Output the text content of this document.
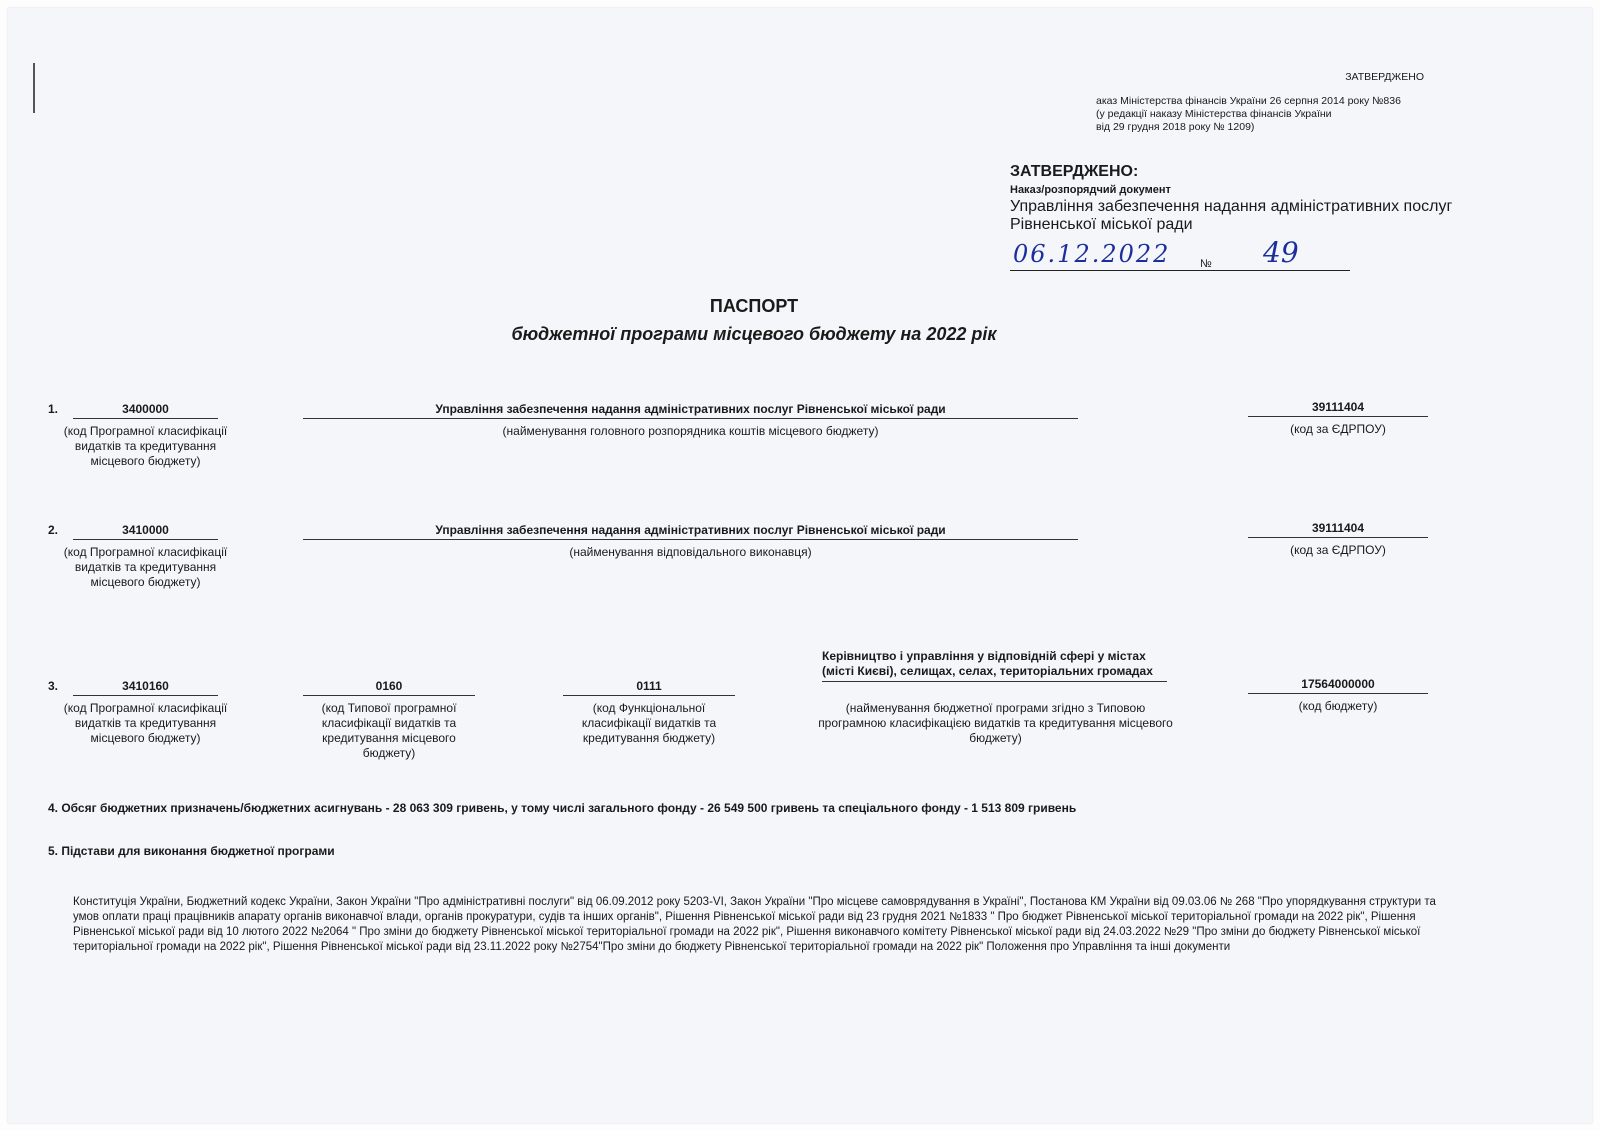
ЗАТВЕРДЖЕНО
аказ Міністерства фінансів України 26 серпня 2014 року №836
(у редакції наказу Міністерства фінансів України
від 29 грудня 2018 року № 1209)
ЗАТВЕРДЖЕНО:
Наказ/розпорядчий документ
Управління забезпечення надання адміністративних послуг Рівненської міської ради
06.12.2022	№ 49
ПАСПОРТ
бюджетної програми місцевого бюджету на 2022 рік
1.	3400000
(код Програмної класифікації видатків та кредитування місцевого бюджету)
Управління забезпечення надання адміністративних послуг Рівненської міської ради
(найменування головного розпорядника коштів місцевого бюджету)
39111404
(код за ЄДРПОУ)
2.	3410000
(код Програмної класифікації видатків та кредитування місцевого бюджету)
Управління забезпечення надання адміністративних послуг Рівненської міської ради
(найменування відповідального виконавця)
39111404
(код за ЄДРПОУ)
3.	3410160
(код Програмної класифікації видатків та кредитування місцевого бюджету)
0160
(код Типової програмної класифікації видатків та кредитування місцевого бюджету)
0111
(код Функціональної класифікації видатків та кредитування бюджету)
Керівництво і управління у відповідній сфері у містах (місті Києві), селищах, селах, територіальних громадах
(найменування бюджетної програми згідно з Типовою програмною класифікацією видатків та кредитування місцевого бюджету)
17564000000
(код бюджету)
4. Обсяг бюджетних призначень/бюджетних асигнувань - 28 063 309 гривень, у тому числі загального фонду - 26 549 500 гривень та спеціального фонду - 1 513 809 гривень
5. Підстави для виконання бюджетної програми
Конституція України, Бюджетний кодекс України, Закон України "Про адміністративні послуги" від 06.09.2012 року 5203-VI, Закон України "Про місцеве самоврядування в Україні", Постанова КМ України від 09.03.06 № 268 "Про упорядкування структури та умов оплати праці працівників апарату органів виконавчої влади, органів прокуратури, судів та інших органів", Рішення Рівненської міської ради від 23 грудня 2021 №1833 " Про бюджет Рівненської міської територіальної громади на 2022 рік", Рішення Рівненської міської ради від 10 лютого 2022 №2064 " Про зміни до бюджету Рівненської міської територіальної громади на 2022 рік", Рішення виконавчого комітету Рівненської міської ради від 24.03.2022 №29 "Про зміни до бюджету Рівненської міської територіальної громади на 2022 рік", Рішення Рівненської міської ради від 23.11.2022 року №2754"Про зміни до бюджету Рівненської територіальної громади на 2022 рік" Положення про Управління та інші документи
